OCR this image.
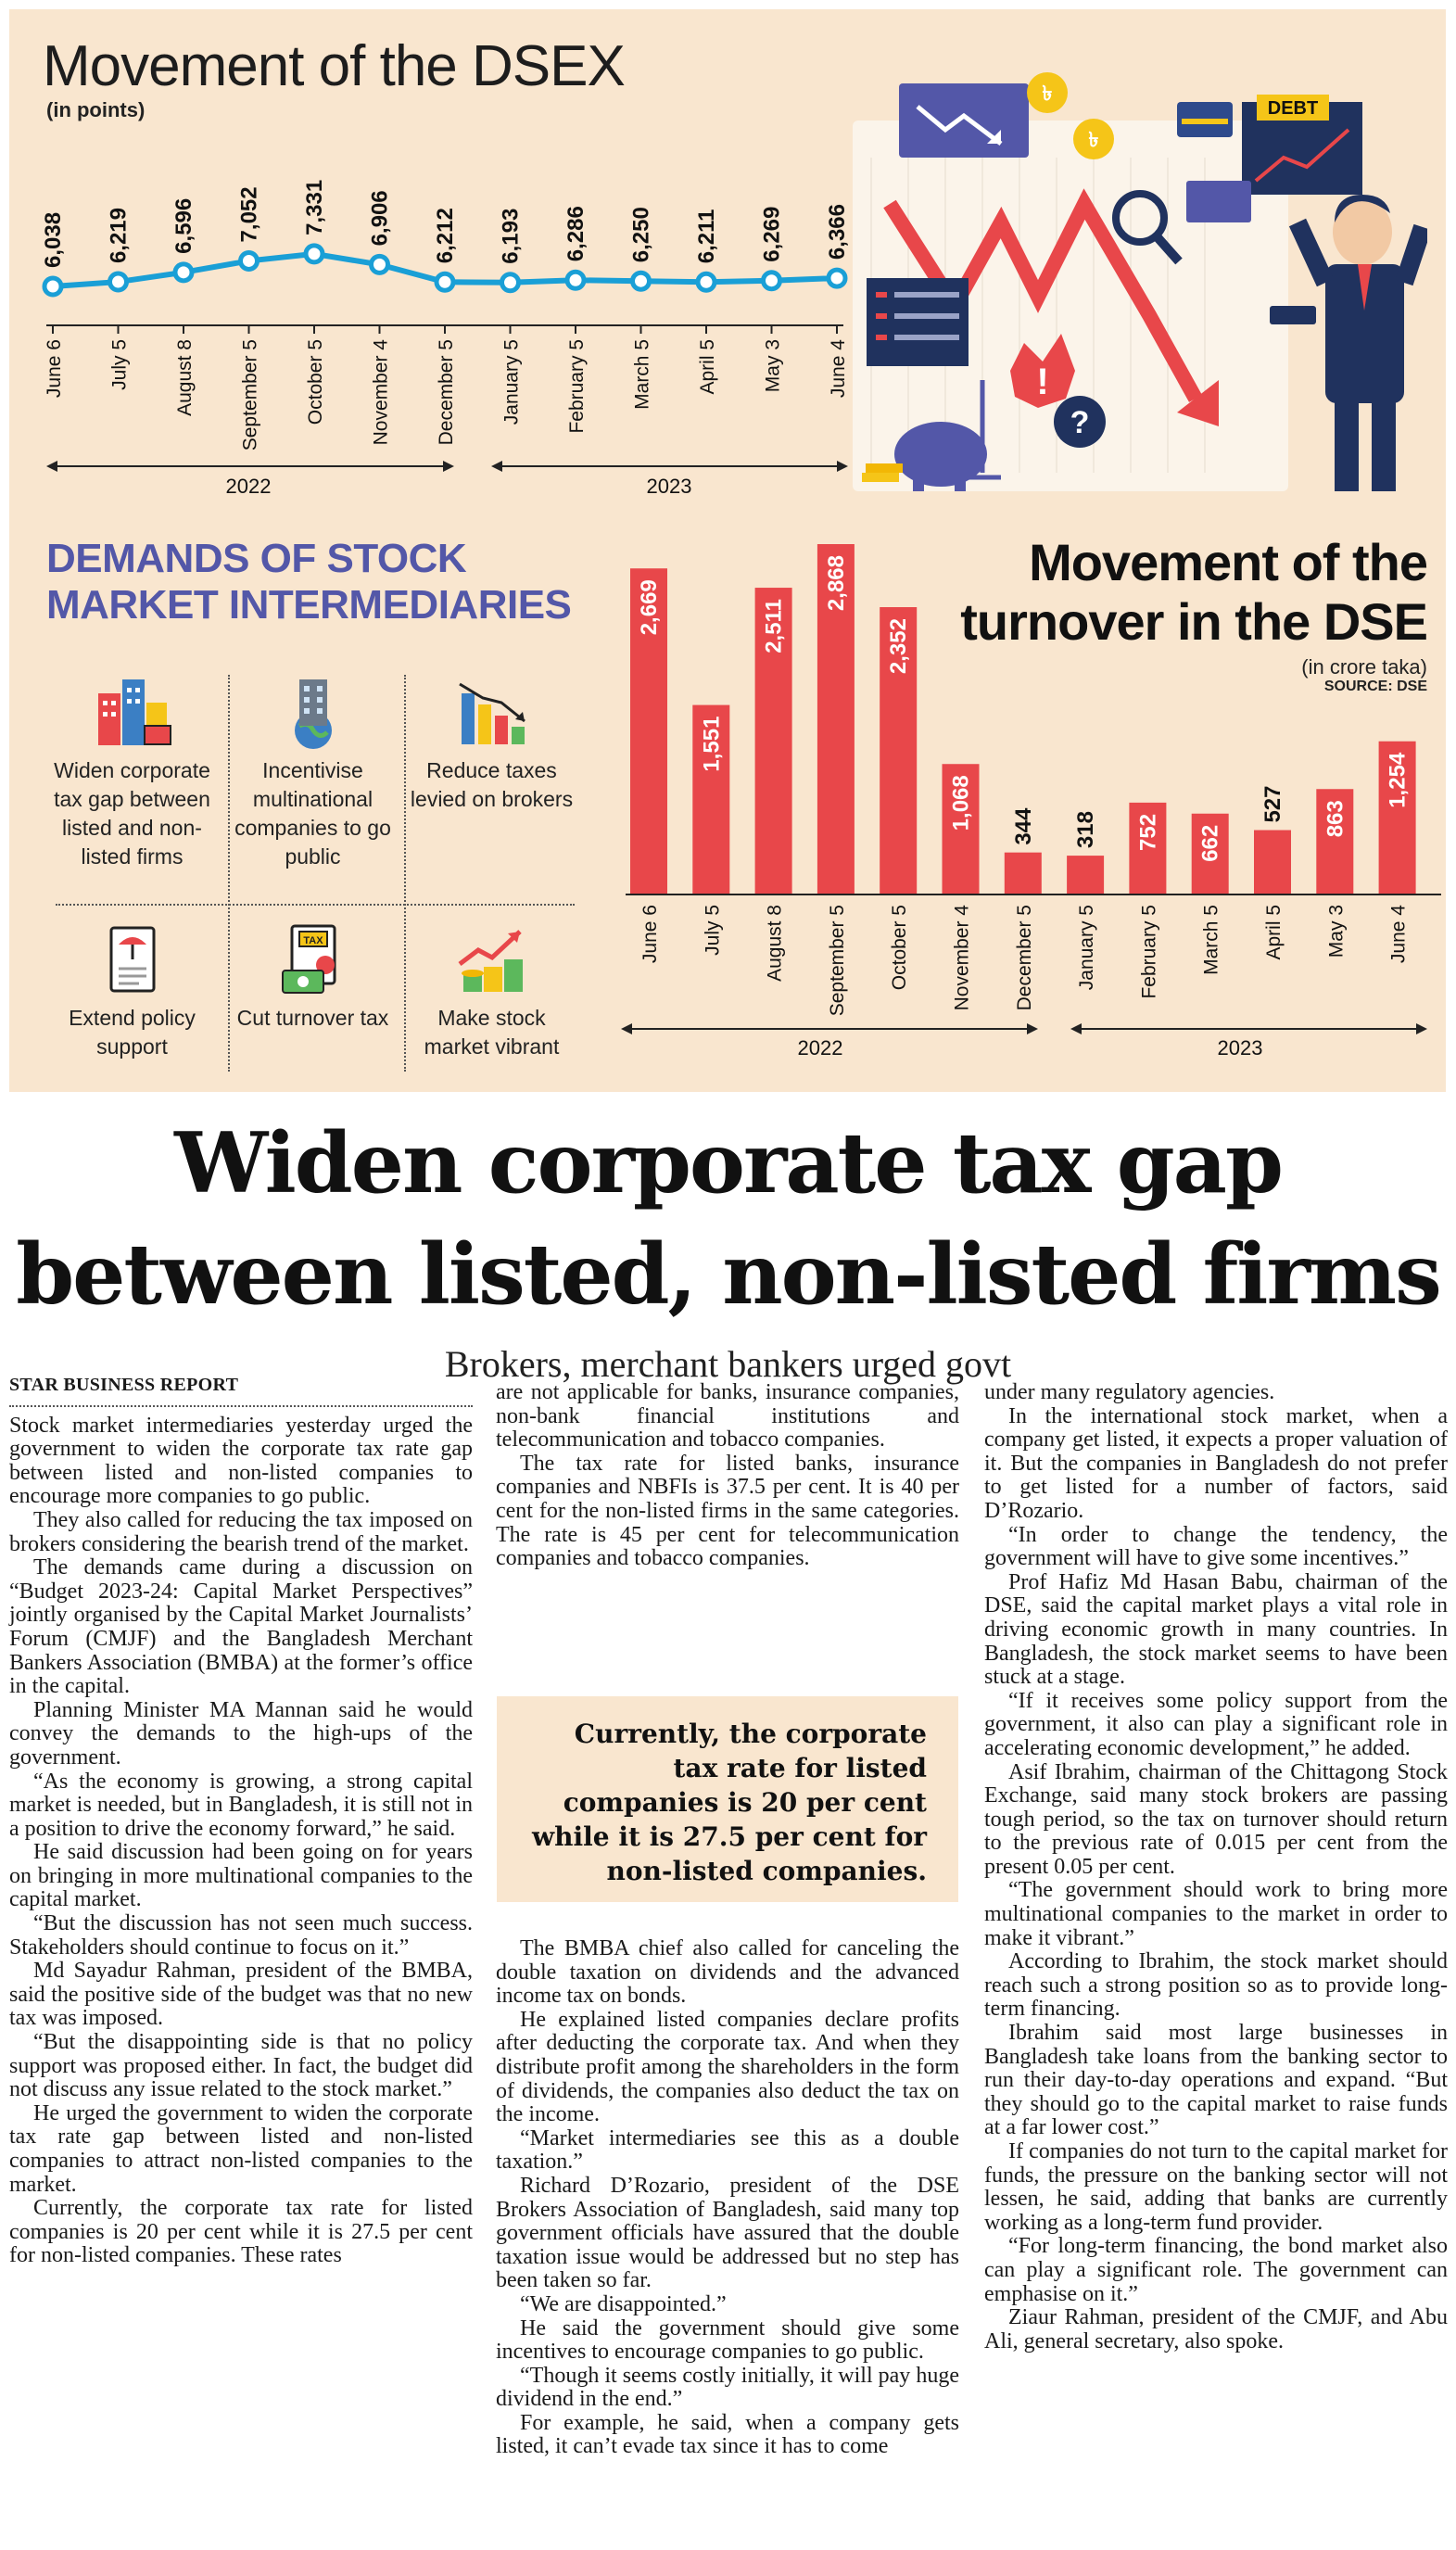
Movement of the DSEX
(in points)
6,038
June 6
6,219
July 5
6,596
August 8
7,052
September 5
7,331
October 5
6,906
November 4
6,212
December 5
6,193
January 5
6,286
February 5
6,250
March 5
6,211
April 5
6,269
May 3
6,366
June 4
2022	2023
৳
৳
DEBT
!
?
DEMANDS OF STOCK MARKET INTERMEDIARIES
Widen corporate tax gap between listed and non-listed firms
Incentivise multinational companies to go public
Reduce taxes levied on brokers
Extend policy support
TAX
Cut turnover tax	Make stock market vibrant
Movement of the turnover in the DSE
(in crore taka)
SOURCE: DSE
2,669
June 6
1,551
July 5
2,511
August 8
2,868
September 5
2,352
October 5
1,068
November 4
344
December 5
318
January 5
752
February 5
662
March 5
527
April 5
863
May 3
1,254
June 4
2022	2023
Widen corporate tax gap
between listed, non-listed firms
Brokers, merchant bankers urged govt

STAR BUSINESS REPORT

Stock market intermediaries yesterday urged the government to widen the corporate tax rate gap between listed and non-listed companies to encourage more companies to go public.

They also called for reducing the tax imposed on brokers considering the bearish trend of the market.

The demands came during a discussion on “Budget 2023-24: Capital Market Perspectives” jointly organised by the Capital Market Journalists’ Forum (CMJF) and the Bangladesh Merchant Bankers Association (BMBA) at the former’s office in the capital.

Planning Minister MA Mannan said he would convey the demands to the high-ups of the government.

“As the economy is growing, a strong capital market is needed, but in Bangladesh, it is still not in a position to drive the economy forward,” he said.

He said discussion had been going on for years on bringing in more multinational companies to the capital market.

“But the discussion has not seen much success. Stakeholders should continue to focus on it.”

Md Sayadur Rahman, president of the BMBA, said the positive side of the budget was that no new tax was imposed.

“But the disappointing side is that no policy support was proposed either. In fact, the budget did not discuss any issue related to the stock market.”

He urged the government to widen the corporate tax rate gap between listed and non-listed companies to attract non-listed companies to the market.

Currently, the corporate tax rate for listed companies is 20 per cent while it is 27.5 per cent for non-listed companies. These rates

are not applicable for banks, insurance companies, non-bank financial institutions and telecommunication and tobacco companies.

The tax rate for listed banks, insurance companies and NBFIs is 37.5 per cent. It is 40 per cent for the non-listed firms in the same categories. The rate is 45 per cent for telecommunication companies and tobacco companies.

Currently, the corporate tax rate for listed companies is 20 per cent while it is 27.5 per cent for non-listed companies.

The BMBA chief also called for canceling the double taxation on dividends and the advanced income tax on bonds.

He explained listed companies declare profits after deducting the corporate tax. And when they distribute profit among the shareholders in the form of dividends, the companies also deduct the tax on the income.

“Market intermediaries see this as a double taxation.”

Richard D’Rozario, president of the DSE Brokers Association of Bangladesh, said many top government officials have assured that the double taxation issue would be addressed but no step has been taken so far.

“We are disappointed.”

He said the government should give some incentives to encourage companies to go public.

“Though it seems costly initially, it will pay huge dividend in the end.”

For example, he said, when a company gets listed, it can’t evade tax since it has to come

under many regulatory agencies.

In the international stock market, when a company get listed, it expects a proper valuation of it. But the companies in Bangladesh do not prefer to get listed for a number of factors, said D’Rozario.

“In order to change the tendency, the government will have to give some incentives.”

Prof Hafiz Md Hasan Babu, chairman of the DSE, said the capital market plays a vital role in driving economic growth in many countries. In Bangladesh, the stock market seems to have been stuck at a stage.

“If it receives some policy support from the government, it also can play a significant role in accelerating economic development,” he added.

Asif Ibrahim, chairman of the Chittagong Stock Exchange, said many stock brokers are passing tough period, so the tax on turnover should return to the previous rate of 0.015 per cent from the present 0.05 per cent.

“The government should work to bring more multinational companies to the market in order to make it vibrant.”

According to Ibrahim, the stock market should reach such a strong position so as to provide long-term financing.

Ibrahim said most large businesses in Bangladesh take loans from the banking sector to run their day-to-day operations and expand. “But they should go to the capital market to raise funds at a far lower cost.”

If companies do not turn to the capital market for funds, the pressure on the banking sector will not lessen, he said, adding that banks are currently working as a long-term fund provider.

“For long-term financing, the bond market also can play a significant role. The government can emphasise on it.”

Ziaur Rahman, president of the CMJF, and Abu Ali, general secretary, also spoke.
